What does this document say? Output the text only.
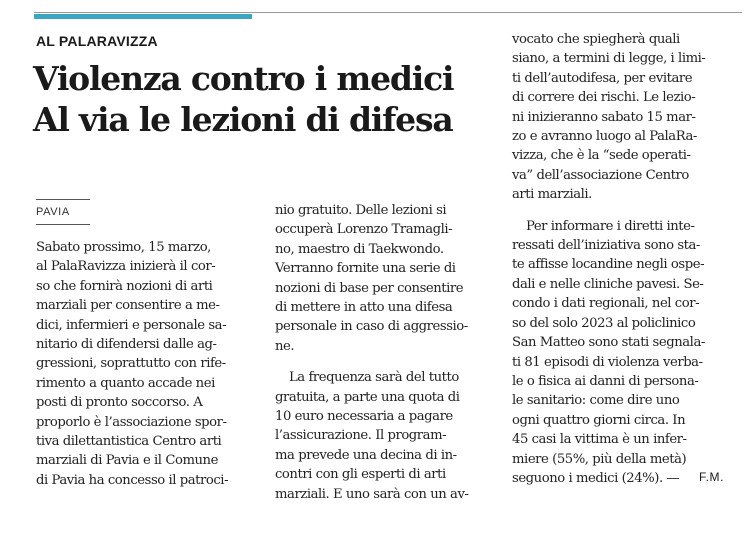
AL PALARAVIZZA
Violenza contro i medici
Al via le lezioni di difesa
PAVIA
Sabato prossimo, 15 marzo,
al PalaRavizza inizierà il cor-
so che fornirà nozioni di arti
marziali per consentire a me-
dici, infermieri e personale sa-
nitario di difendersi dalle ag-
gressioni, soprattutto con rife-
rimento a quanto accade nei
posti di pronto soccorso. A
proporlo è l’associazione spor-
tiva dilettantistica Centro arti
marziali di Pavia e il Comune
di Pavia ha concesso il patroci-
nio gratuito. Delle lezioni si
occuperà Lorenzo Tramagli-
no, maestro di Taekwondo.
Verranno fornite una serie di
nozioni di base per consentire
di mettere in atto una difesa
personale in caso di aggressio-
ne.
La frequenza sarà del tutto
gratuita, a parte una quota di
10 euro necessaria a pagare
l’assicurazione. Il program-
ma prevede una decina di in-
contri con gli esperti di arti
marziali. E uno sarà con un av-
vocato che spiegherà quali
siano, a termini di legge, i limi-
ti dell’autodifesa, per evitare
di correre dei rischi. Le lezio-
ni inizieranno sabato 15 mar-
zo e avranno luogo al PalaRa-
vizza, che è la “sede operati-
va” dell’associazione Centro
arti marziali.
Per informare i diretti inte-
ressati dell’iniziativa sono sta-
te affisse locandine negli ospe-
dali e nelle cliniche pavesi. Se-
condo i dati regionali, nel cor-
so del solo 2023 al policlinico
San Matteo sono stati segnala-
ti 81 episodi di violenza verba-
le o fisica ai danni di persona-
le sanitario: come dire uno
ogni quattro giorni circa. In
45 casi la vittima è un infer-
miere (55%, più della metà)
seguono i medici (24%). —	F.M.
